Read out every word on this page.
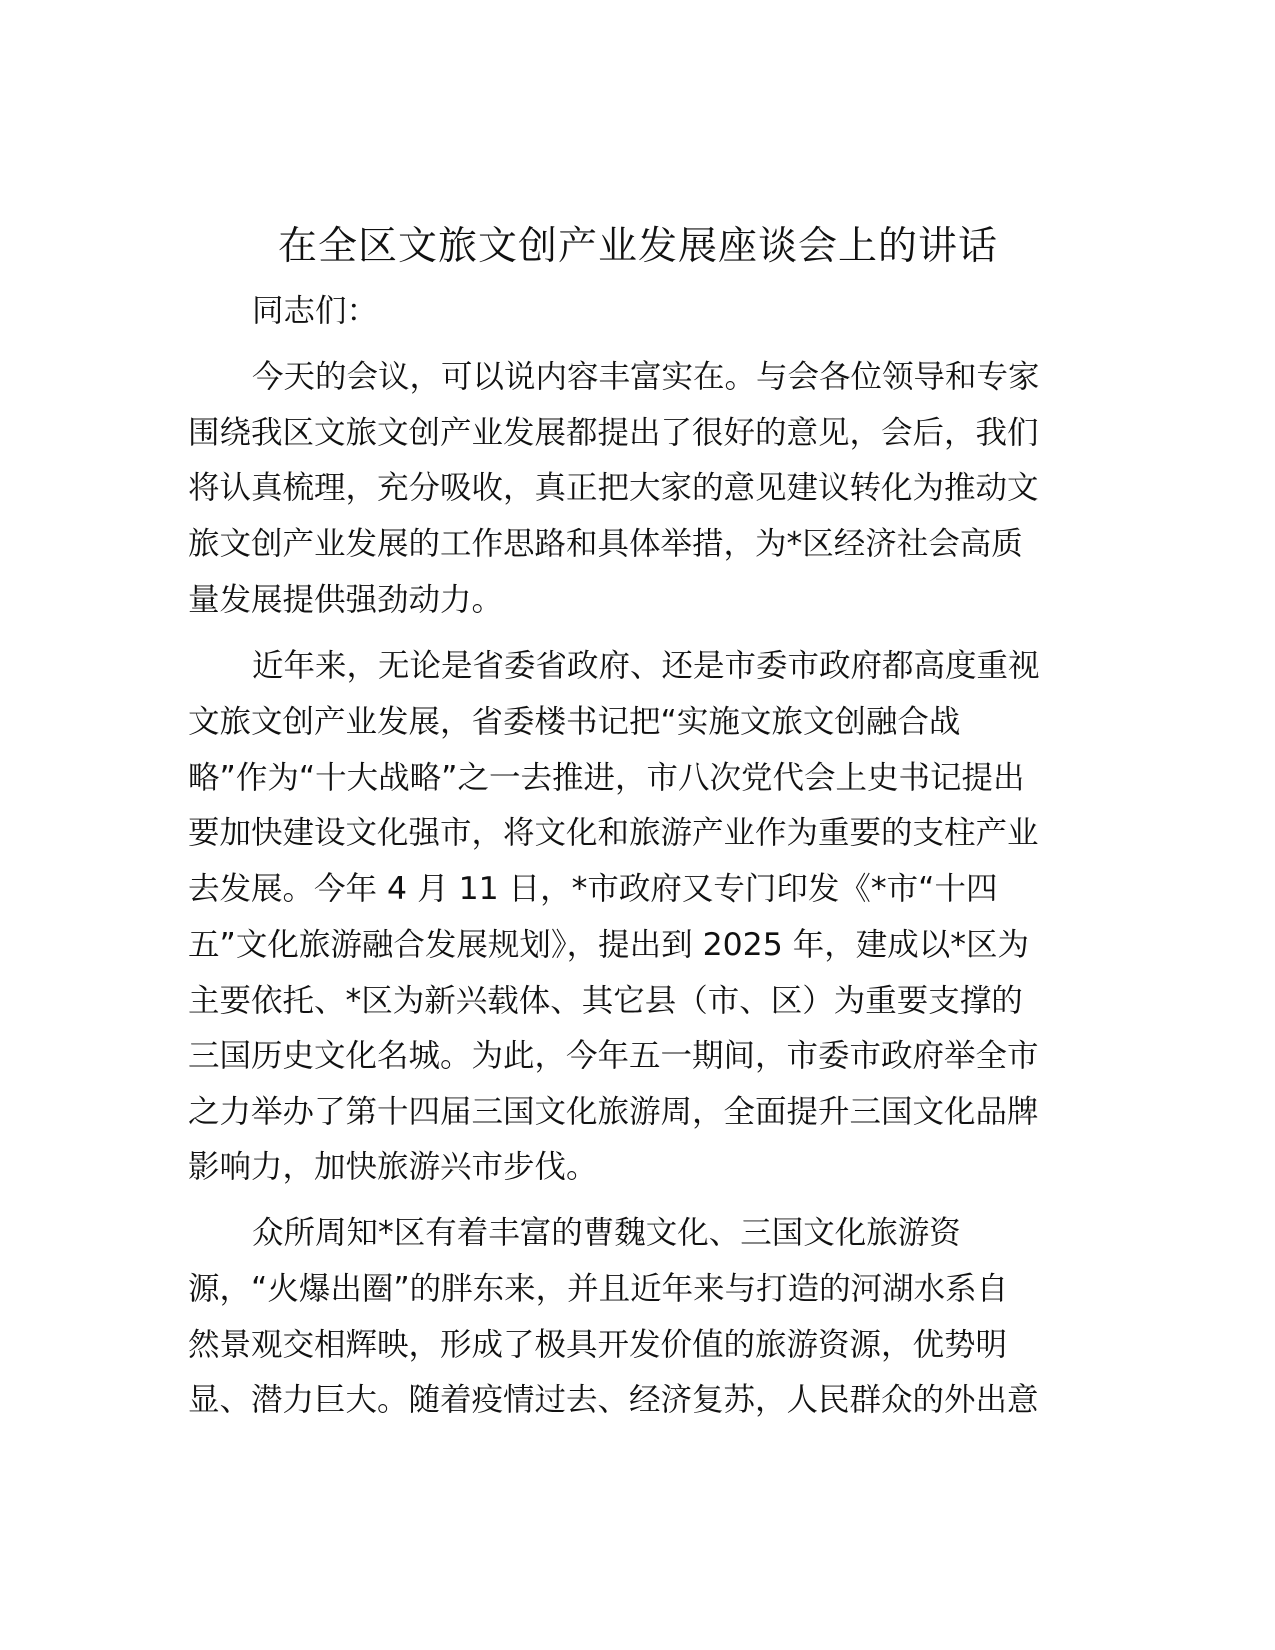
在全区文旅文创产业发展座谈会上的讲话

同志们：

今天的会议，可以说内容丰富实在。与会各位领导和专家

围绕我区文旅文创产业发展都提出了很好的意见，会后，我们

将认真梳理，充分吸收，真正把大家的意见建议转化为推动文

旅文创产业发展的工作思路和具体举措，为*区经济社会高质

量发展提供强劲动力。

近年来，无论是省委省政府、还是市委市政府都高度重视

文旅文创产业发展，省委楼书记把“实施文旅文创融合战

略”作为“十大战略”之一去推进，市八次党代会上史书记提出

要加快建设文化强市，将文化和旅游产业作为重要的支柱产业

去发展。今年 4 月 11 日，*市政府又专门印发《*市“十四

五”文化旅游融合发展规划》，提出到 2025 年，建成以*区为

主要依托、*区为新兴载体、其它县（市、区）为重要支撑的

三国历史文化名城。为此，今年五一期间，市委市政府举全市

之力举办了第十四届三国文化旅游周，全面提升三国文化品牌

影响力，加快旅游兴市步伐。

众所周知*区有着丰富的曹魏文化、三国文化旅游资

源，“火爆出圈”的胖东来，并且近年来与打造的河湖水系自

然景观交相辉映，形成了极具开发价值的旅游资源，优势明

显、潜力巨大。随着疫情过去、经济复苏，人民群众的外出意
